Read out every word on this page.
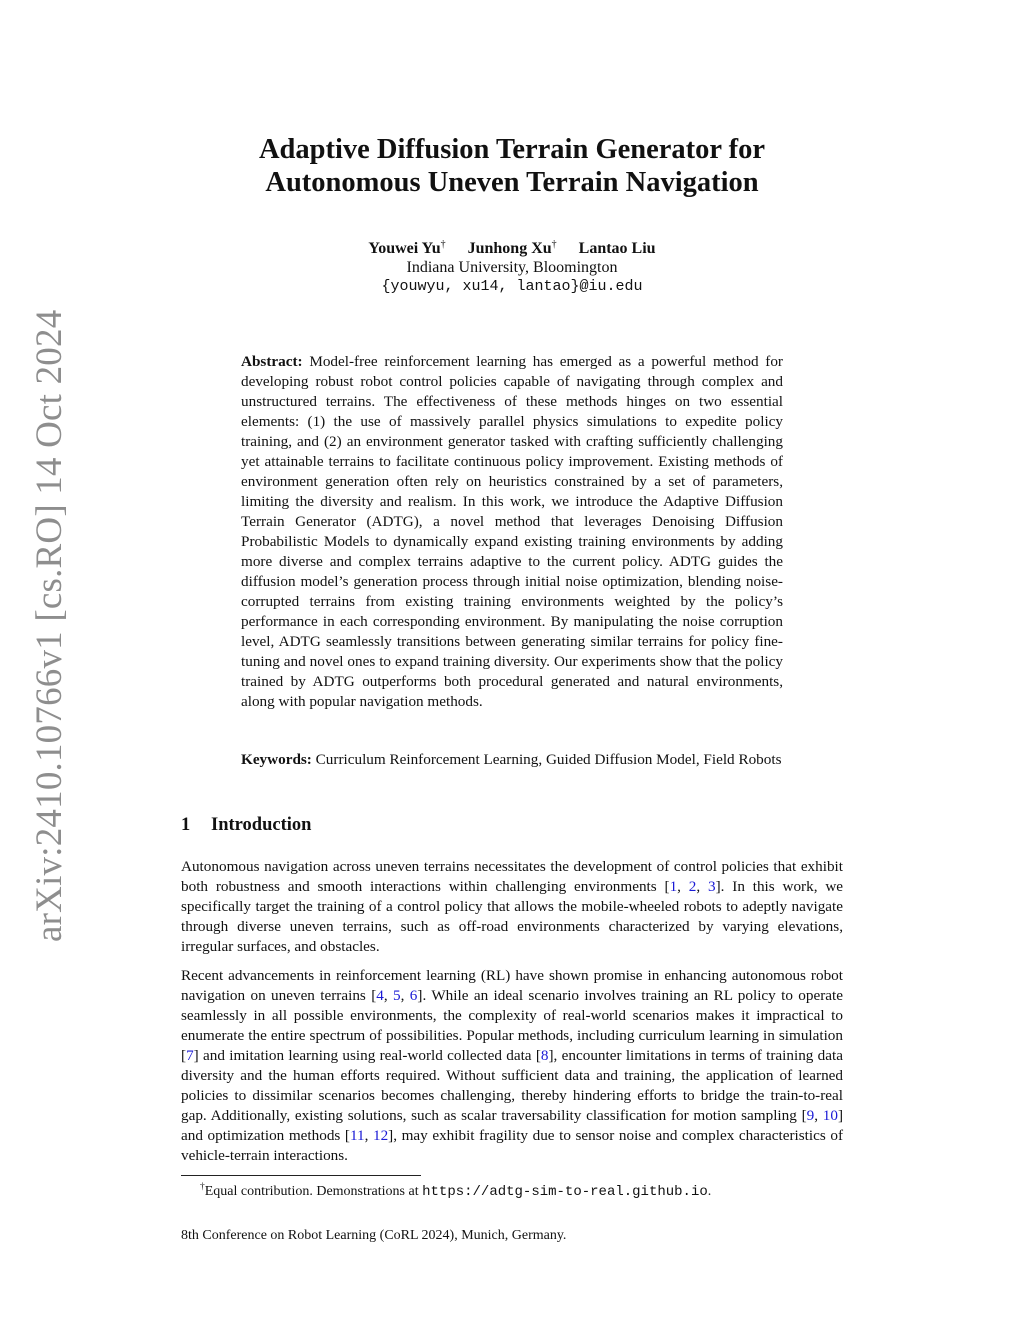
arXiv:2410.10766v1 [cs.RO] 14 Oct 2024
Adaptive Diffusion Terrain Generator for
Autonomous Uneven Terrain Navigation
Youwei Yu† Junhong Xu† Lantao Liu
Indiana University, Bloomington
{youwyu, xu14, lantao}@iu.edu
Abstract: Model-free reinforcement learning has emerged as a powerful method for developing robust robot control policies capable of navigating through complex and unstructured terrains. The effectiveness of these methods hinges on two essential elements: (1) the use of massively parallel physics simulations to expedite policy training, and (2) an environment generator tasked with crafting sufficiently challenging yet attainable terrains to facilitate continuous policy improvement. Existing methods of environment generation often rely on heuristics constrained by a set of parameters, limiting the diversity and realism. In this work, we introduce the Adaptive Diffusion Terrain Generator (ADTG), a novel method that leverages Denoising Diffusion Probabilistic Models to dynamically expand existing training environments by adding more diverse and complex terrains adaptive to the current policy. ADTG guides the diffusion model’s generation process through initial noise optimization, blending noise-corrupted terrains from existing training environments weighted by the policy’s performance in each corresponding environment. By manipulating the noise corruption level, ADTG seamlessly transitions between generating similar terrains for policy fine-tuning and novel ones to expand training diversity. Our experiments show that the policy trained by ADTG outperforms both procedural generated and natural environments, along with popular navigation methods.
Keywords: Curriculum Reinforcement Learning, Guided Diffusion Model, Field Robots
1 Introduction
Autonomous navigation across uneven terrains necessitates the development of control policies that exhibit both robustness and smooth interactions within challenging environments [1, 2, 3]. In this work, we specifically target the training of a control policy that allows the mobile-wheeled robots to adeptly navigate through diverse uneven terrains, such as off-road environments characterized by varying elevations, irregular surfaces, and obstacles.
Recent advancements in reinforcement learning (RL) have shown promise in enhancing autonomous robot navigation on uneven terrains [4, 5, 6]. While an ideal scenario involves training an RL policy to operate seamlessly in all possible environments, the complexity of real-world scenarios makes it impractical to enumerate the entire spectrum of possibilities. Popular methods, including curriculum learning in simulation [7] and imitation learning using real-world collected data [8], encounter limitations in terms of training data diversity and the human efforts required. Without sufficient data and training, the application of learned policies to dissimilar scenarios becomes challenging, thereby hindering efforts to bridge the train-to-real gap. Additionally, existing solutions, such as scalar traversability classification for motion sampling [9, 10] and optimization methods [11, 12], may exhibit fragility due to sensor noise and complex characteristics of vehicle-terrain interactions.
†Equal contribution. Demonstrations at https://adtg-sim-to-real.github.io.
8th Conference on Robot Learning (CoRL 2024), Munich, Germany.
